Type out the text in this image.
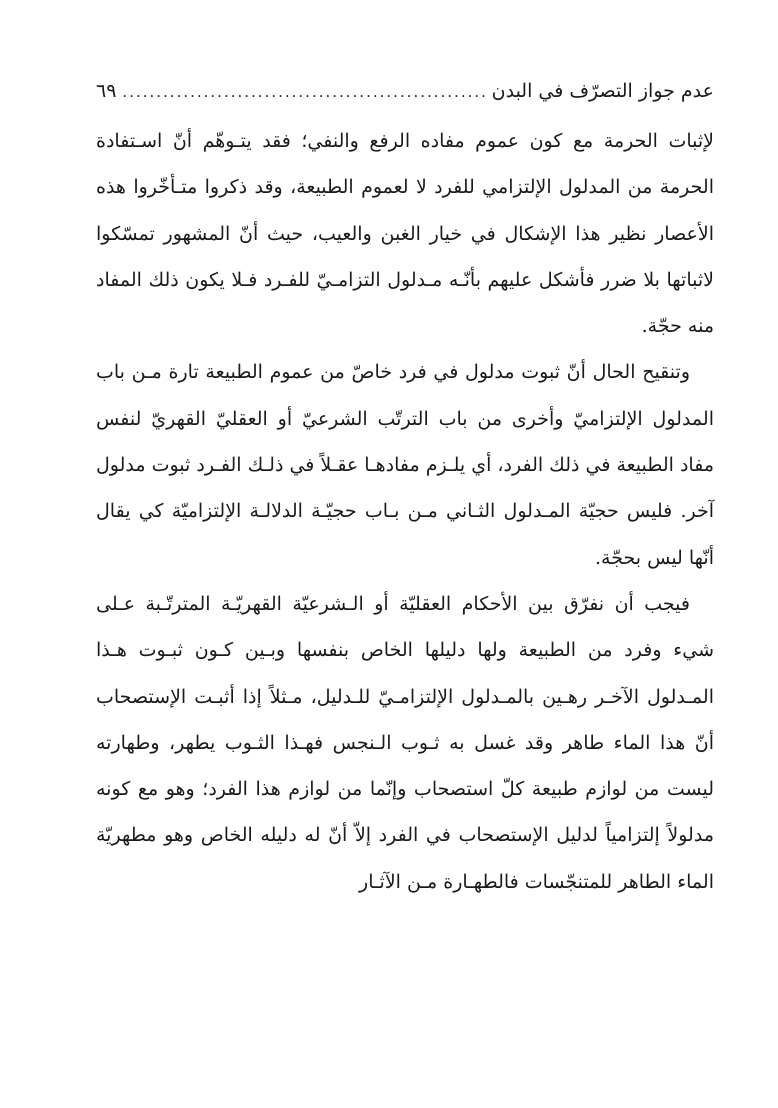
عدم جواز التصرّف في البدن
.....
٦٩

لإثبات الحرمة مع كون عموم مفاده الرفع والنفي؛ فقد يتـوهّم أنّ اسـتفادة الحرمة من المدلول الإلتزامي للفرد لا لعموم الطبيعة، وقد ذكروا متـأخّروا هذه الأعصار نظير هذا الإشكال في خيار الغبن والعيب، حيث أنّ المشهور تمسّكوا لاثباتها بلا ضرر فأشكل عليهم بأنّـه مـدلول التزامـيّ للفـرد فـلا يكون ذلك المفاد منه حجّة.

وتنقيح الحال أنّ ثبوت مدلول في فرد خاصّ من عموم الطبيعة تارة مـن باب المدلول الإلتزاميّ وأخرى من باب الترتّب الشرعيّ أو العقليّ القهريّ لنفس مفاد الطبيعة في ذلك الفرد، أي يلـزم مفادهـا عقـلاً في ذلـك الفـرد ثبوت مدلول آخر. فليس حجيّة المـدلول الثـاني مـن بـاب حجيّـة الدلالـة الإلتزاميّة كي يقال أنّها ليس بحجّة.

فيجب أن نفرّق بين الأحكام العقليّة أو الـشرعيّة القهريّـة المترتّـبة عـلى شيء وفرد من الطبيعة ولها دليلها الخاص بنفسها وبـين كـون ثبـوت هـذا المـدلول الآخـر رهـين بالمـدلول الإلتزامـيّ للـدليل، مـثلاً إذا أثبـت الإستصحاب أنّ هذا الماء طاهر وقد غسل به ثـوب الـنجس فهـذا الثـوب يطهر، وطهارته ليست من لوازم طبيعة كلّ استصحاب وإنّما من لوازم هذا الفرد؛ وهو مع كونه مدلولاً إلتزامياً لدليل الإستصحاب في الفرد إلاّ أنّ له دليله الخاص وهو مطهريّة الماء الطاهر للمتنجّسات فالطهـارة مـن الآثـار
